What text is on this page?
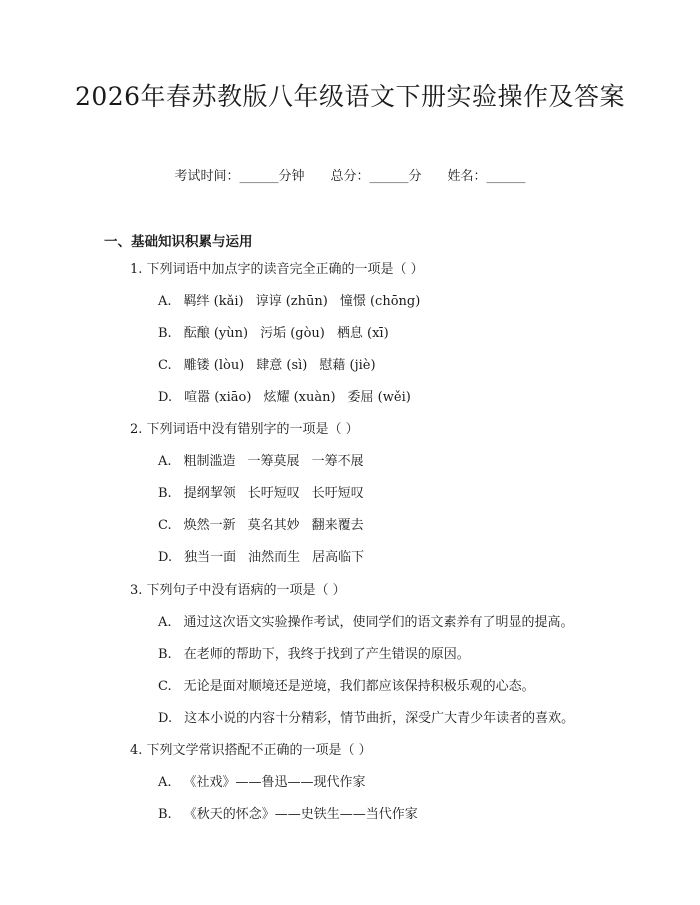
2026年春苏教版八年级语文下册实验操作及答案
考试时间：______分钟 总分：______分 姓名：______
一、基础知识积累与运用
1. 下列词语中加点字的读音完全正确的一项是（ ）
A. 羁绊 (kǎi) 谆谆 (zhūn) 憧憬 (chōng)
B. 酝酿 (yùn) 污垢 (gòu) 栖息 (xī)
C. 雕镂 (lòu) 肆意 (sì) 慰藉 (jiè)
D. 喧嚣 (xiāo) 炫耀 (xuàn) 委屈 (wěi)
2. 下列词语中没有错别字的一项是（ ）
A. 粗制滥造 一筹莫展 一筹不展
B. 提纲挈领 长吁短叹 长吁短叹
C. 焕然一新 莫名其妙 翻来覆去
D. 独当一面 油然而生 居高临下
3. 下列句子中没有语病的一项是（ ）
A. 通过这次语文实验操作考试，使同学们的语文素养有了明显的提高。
B. 在老师的帮助下，我终于找到了产生错误的原因。
C. 无论是面对顺境还是逆境，我们都应该保持积极乐观的心态。
D. 这本小说的内容十分精彩，情节曲折，深受广大青少年读者的喜欢。
4. 下列文学常识搭配不正确的一项是（ ）
A. 《社戏》——鲁迅——现代作家
B. 《秋天的怀念》——史铁生——当代作家
